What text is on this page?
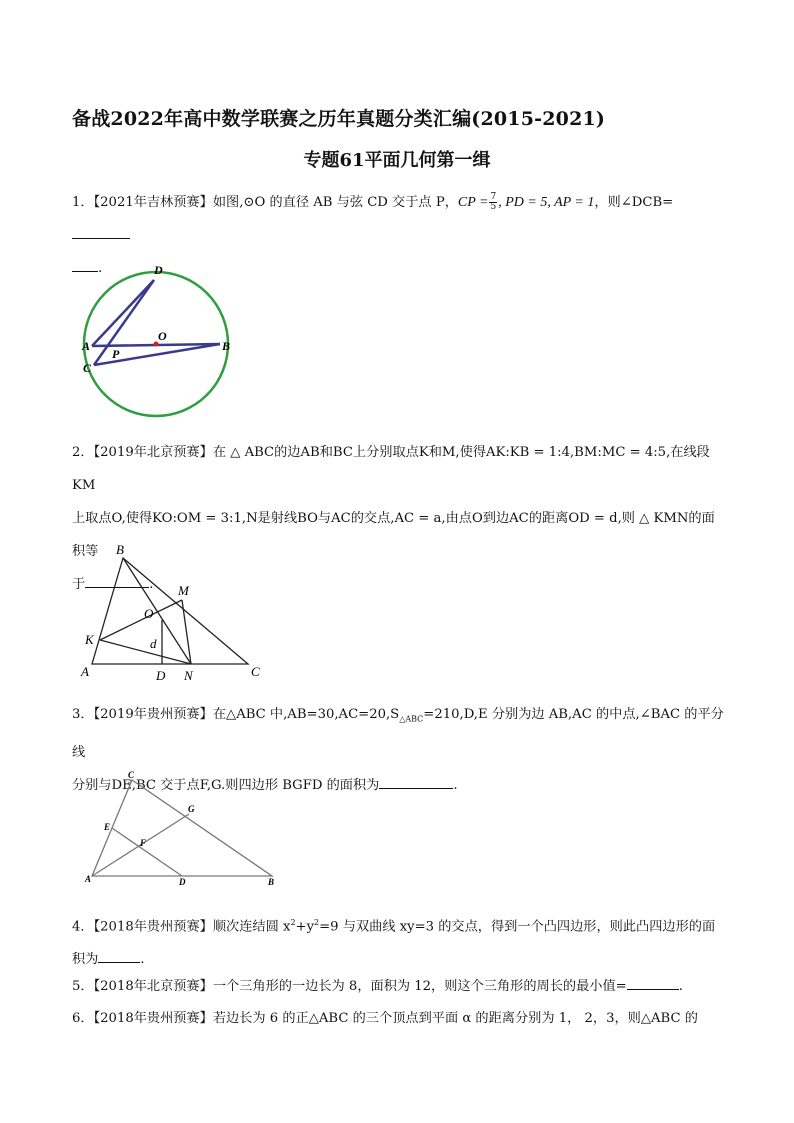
备战2022年高中数学联赛之历年真题分类汇编(2015-2021)
专题61平面几何第一缉
1．【2021年吉林预赛】如图,⊙O 的直径 AB 与弦 CD 交于点 P，CP = $\frac{7}{5}$ , PD = 5, AP = 1，则∠DCB=
.	D
O
A
P
B
C
2．【2019年北京预赛】在 △ ABC的边AB和BC上分别取点K和M,使得AK:KB = 1:4,BM:MC = 4:5,在线段KM
上取点O,使得KO:OM = 3:1,N是射线BO与AC的交点,AC = a,由点O到边AC的距离OD = d,则 △ KMN的面积等
于	.
B
M
O
K	d
A	D N	C
3．【2019年贵州预赛】在△ABC 中$,AB=30,AC=20,S_{\triangle ABC}=210,D,E$ 分别为边 AB,AC 的中点,∠BAC 的平分线
分别与DE,BC 交于点F,G.则四边形 BGFD 的面积为	.
C
G
E
F
A	D	B
4．【2018年贵州预赛】顺次连结圆 $x^2+y^2=9$ 与双曲线 xy=3 的交点，得到一个凸四边形，则此凸四边形的面
积为	.
5．【2018年北京预赛】一个三角形的一边长为 8，面积为 12，则这个三角形的周长的最小值=	.
6．【2018年贵州预赛】若边长为 6 的正△ABC 的三个顶点到平面 α 的距离分别为 1， 2，3，则△ABC 的
